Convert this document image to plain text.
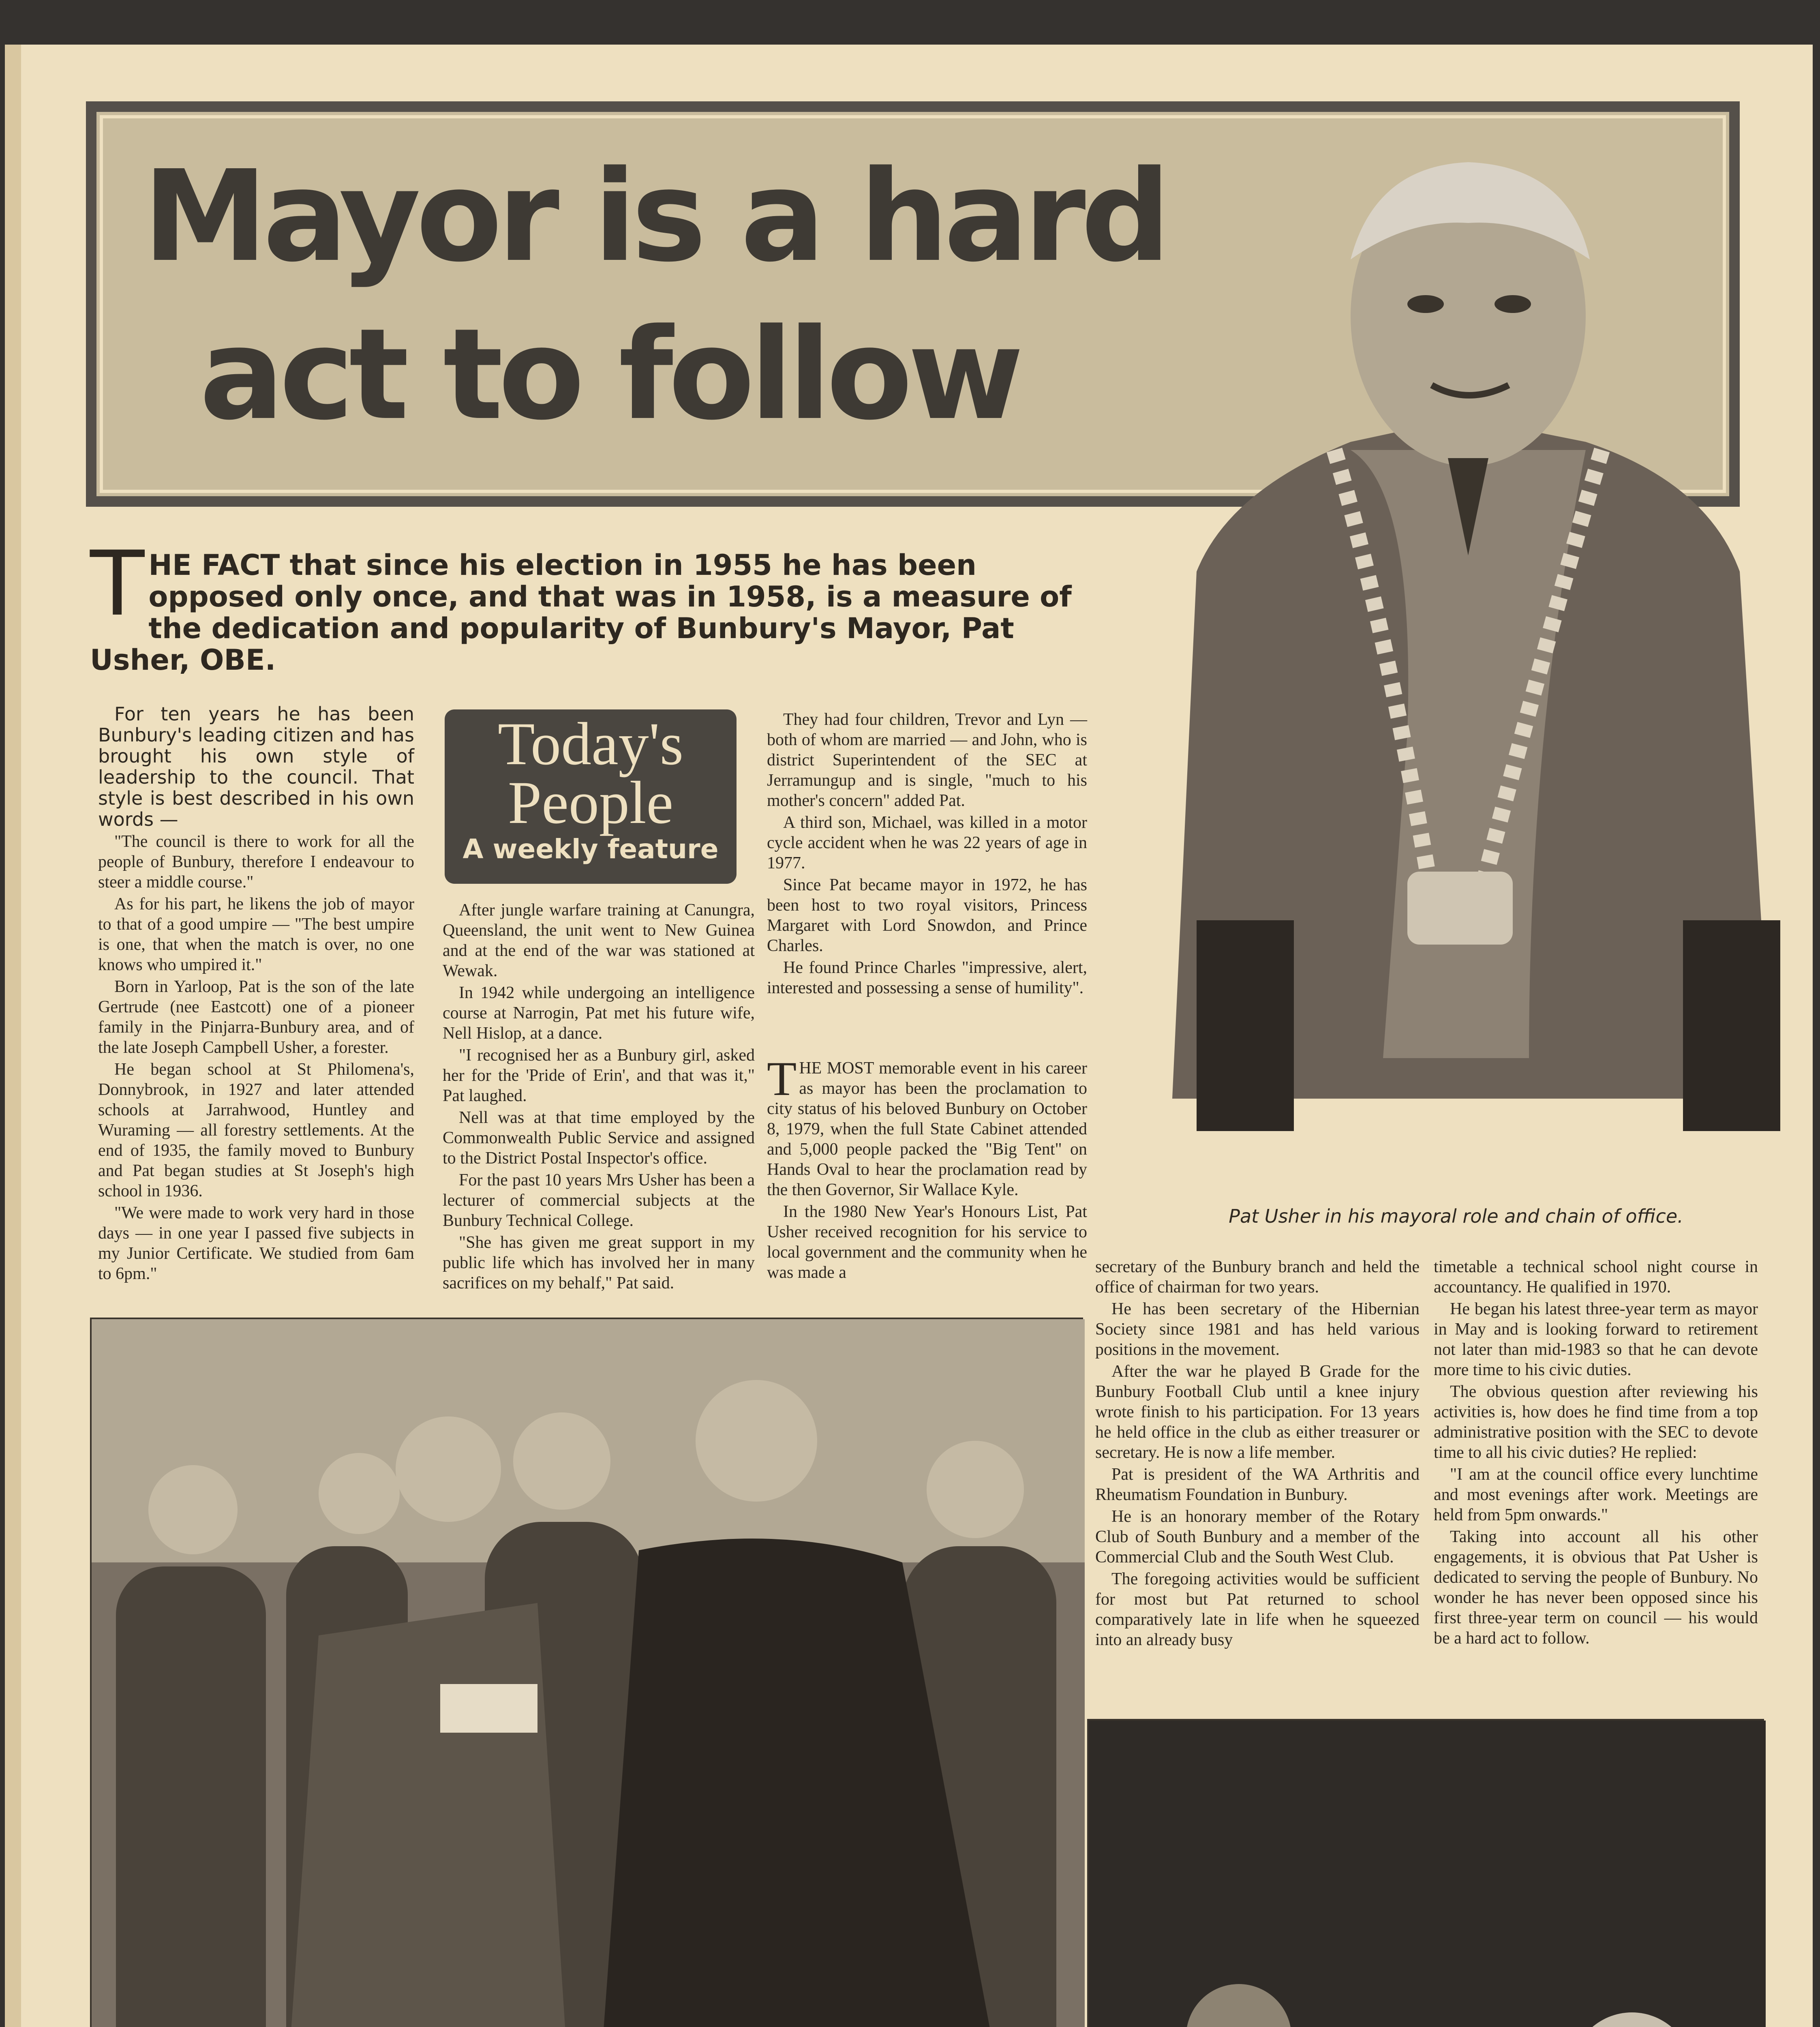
Mayor is a hard
act to follow
T HE FACT that since his election in 1955 he has been opposed only once, and that was in 1958, is a measure of the dedication and popularity of Bunbury's Mayor, Pat Usher, OBE.

For ten years he has been Bunbury's leading citizen and has brought his own style of leadership to the council. That style is best described in his own words —

"The council is there to work for all the people of Bunbury, therefore I endeavour to steer a middle course."

As for his part, he likens the job of mayor to that of a good umpire — "The best umpire is one, that when the match is over, no one knows who umpired it."

Born in Yarloop, Pat is the son of the late Gertrude (nee Eastcott) one of a pioneer family in the Pinjarra-Bunbury area, and of the late Joseph Campbell Usher, a forester.

He began school at St Philomena's, Donnybrook, in 1927 and later attended schools at Jarrahwood, Huntley and Wuraming — all forestry settlements. At the end of 1935, the family moved to Bunbury and Pat began studies at St Joseph's high school in 1936.

"We were made to work very hard in those days — in one year I passed five subjects in my Junior Certificate. We studied from 6am to 6pm."

Today's
People
A weekly feature

After jungle warfare training at Canungra, Queensland, the unit went to New Guinea and at the end of the war was stationed at Wewak.

In 1942 while undergoing an intelligence course at Narrogin, Pat met his future wife, Nell Hislop, at a dance.

"I recognised her as a Bunbury girl, asked her for the 'Pride of Erin', and that was it," Pat laughed.

Nell was at that time employed by the Commonwealth Public Service and assigned to the District Postal Inspector's office.

For the past 10 years Mrs Usher has been a lecturer of commercial subjects at the Bunbury Technical College.

"She has given me great support in my public life which has involved her in many sacrifices on my behalf," Pat said.

They had four children, Trevor and Lyn — both of whom are married — and John, who is district Superintendent of the SEC at Jerramungup and is single, "much to his mother's concern" added Pat.

A third son, Michael, was killed in a motor cycle accident when he was 22 years of age in 1977.

Since Pat became mayor in 1972, he has been host to two royal visitors, Princess Margaret with Lord Snowdon, and Prince Charles.

He found Prince Charles "impressive, alert, interested and possessing a sense of humility".

THE MOST memorable event in his career as mayor has been the proclamation to city status of his beloved Bunbury on October 8, 1979, when the full State Cabinet attended and 5,000 people packed the "Big Tent" on Hands Oval to hear the proclamation read by the then Governor, Sir Wallace Kyle.

In the 1980 New Year's Honours List, Pat Usher received recognition for his service to local government and the community when he was made a

Pat Usher in his mayoral role and chain of office.

secretary of the Bunbury branch and held the office of chairman for two years.

He has been secretary of the Hibernian Society since 1981 and has held various positions in the movement.

After the war he played B Grade for the Bunbury Football Club until a knee injury wrote finish to his participation. For 13 years he held office in the club as either treasurer or secretary. He is now a life member.

Pat is president of the WA Arthritis and Rheumatism Foundation in Bunbury.

He is an honorary member of the Rotary Club of South Bunbury and a member of the Commercial Club and the South West Club.

The foregoing activities would be sufficient for most but Pat returned to school comparatively late in life when he squeezed into an already busy

timetable a technical school night course in accountancy. He qualified in 1970.

He began his latest three-year term as mayor in May and is looking forward to retirement not later than mid-1983 so that he can devote more time to his civic duties.

The obvious question after reviewing his activities is, how does he find time from a top administrative position with the SEC to devote time to all his civic duties? He replied:

"I am at the council office every lunchtime and most evenings after work. Meetings are held from 5pm onwards."

Taking into account all his other engagements, it is obvious that Pat Usher is dedicated to serving the people of Bunbury. No wonder he has never been opposed since his first three-year term on council — his would be a hard act to follow.
